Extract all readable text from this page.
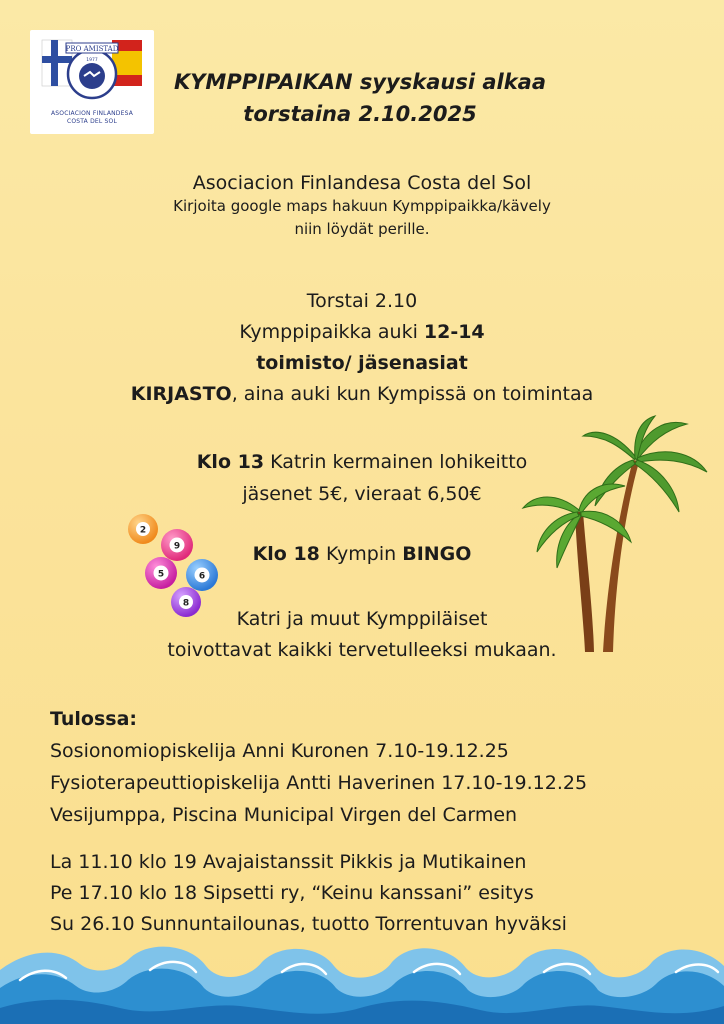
PRO AMISTAD
1977
ASOCIACION FINLANDESA
COSTA DEL SOL
KYMPPIPAIKAN syyskausi alkaa
torstaina 2.10.2025
Asociacion Finlandesa Costa del Sol
Kirjoita google maps hakuun Kymppipaikka/kävely
niin löydät perille.
Torstai 2.10
Kymppipaikka auki 12-14
toimisto/ jäsenasiat
KIRJASTO, aina auki kun Kympissä on toimintaa
Klo 13 Katrin kermainen lohikeitto
jäsenet 5€, vieraat 6,50€
Klo 18 Kympin BINGO
2
9
5	6
8
Katri ja muut Kymppiläiset
toivottavat kaikki tervetulleeksi mukaan.
Tulossa:
Sosionomiopiskelija Anni Kuronen 7.10-19.12.25
Fysioterapeuttiopiskelija Antti Haverinen 17.10-19.12.25
Vesijumppa, Piscina Municipal Virgen del Carmen
La 11.10 klo 19 Avajaistanssit Pikkis ja Mutikainen
Pe 17.10 klo 18 Sipsetti ry, “Keinu kanssani” esitys
Su 26.10 Sunnuntailounas, tuotto Torrentuvan hyväksi
